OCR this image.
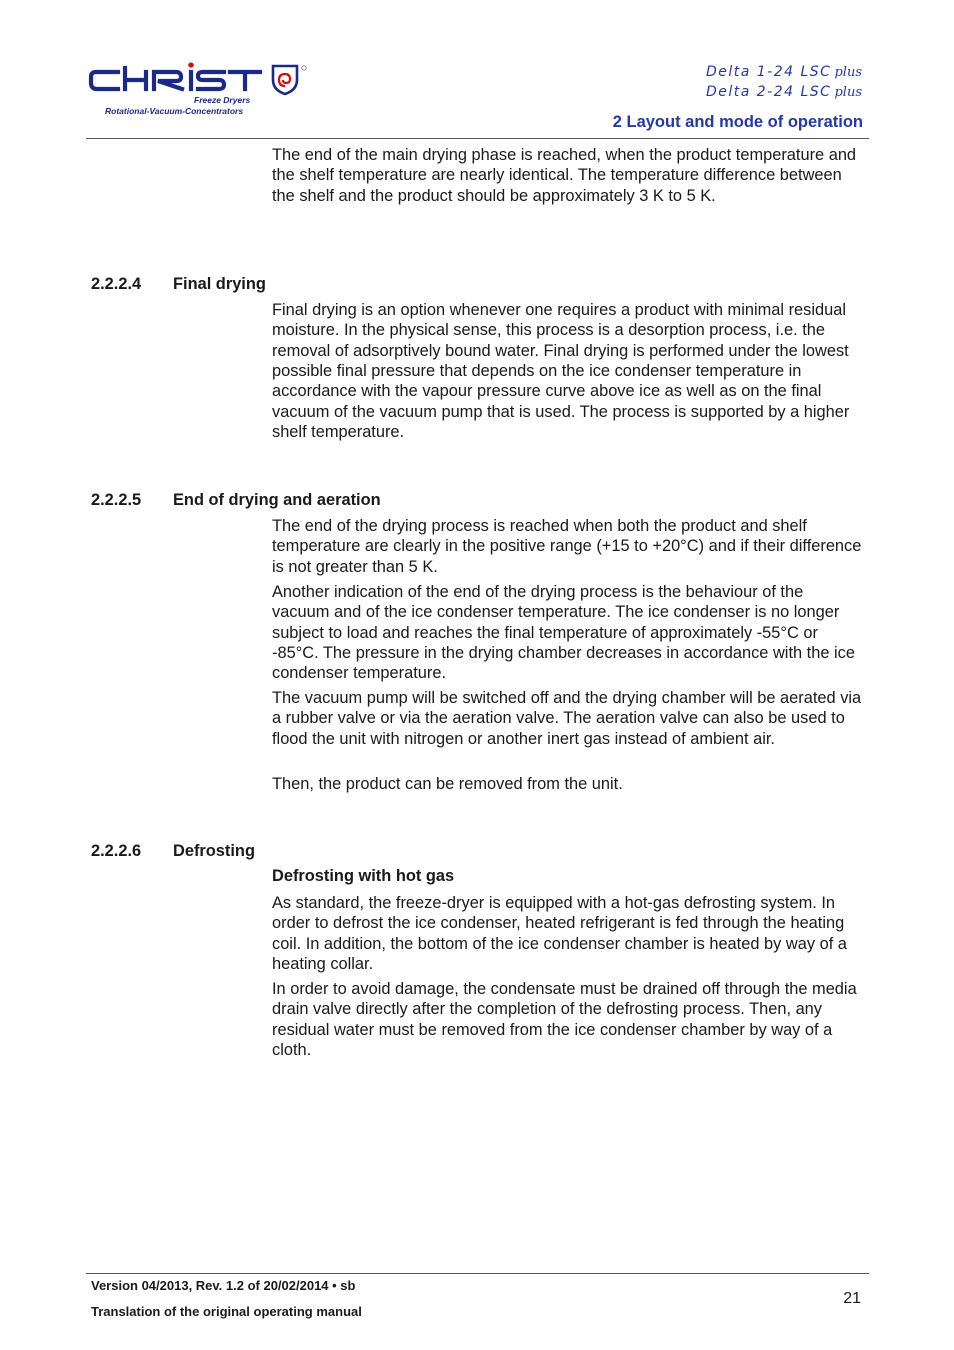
Freeze Dryers
Rotational-Vacuum-Concentrators
Delta 1-24 LSC plus
Delta 2-24 LSC plus
2 Layout and mode of operation

The end of the main drying phase is reached, when the product temperature and the shelf temperature are nearly identical. The temperature difference between the shelf and the product should be approximately 3 K to 5 K.

2.2.2.4 Final drying

Final drying is an option whenever one requires a product with minimal residual moisture. In the physical sense, this process is a desorption process, i.e. the removal of adsorptively bound water. Final drying is performed under the lowest possible final pressure that depends on the ice condenser temperature in accordance with the vapour pressure curve above ice as well as on the final vacuum of the vacuum pump that is used. The process is supported by a higher shelf temperature.

2.2.2.5 End of drying and aeration

The end of the drying process is reached when both the product and shelf temperature are clearly in the positive range (+15 to +20°C) and if their difference is not greater than 5 K.

Another indication of the end of the drying process is the behaviour of the vacuum and of the ice condenser temperature. The ice condenser is no longer subject to load and reaches the final temperature of approximately -55°C or -85°C. The pressure in the drying chamber decreases in accordance with the ice condenser temperature.

The vacuum pump will be switched off and the drying chamber will be aerated via a rubber valve or via the aeration valve. The aeration valve can also be used to flood the unit with nitrogen or another inert gas instead of ambient air.

Then, the product can be removed from the unit.

2.2.2.6 Defrosting
Defrosting with hot gas

As standard, the freeze-dryer is equipped with a hot-gas defrosting system. In order to defrost the ice condenser, heated refrigerant is fed through the heating coil. In addition, the bottom of the ice condenser chamber is heated by way of a heating collar.

In order to avoid damage, the condensate must be drained off through the media drain valve directly after the completion of the defrosting process. Then, any residual water must be removed from the ice condenser chamber by way of a cloth.

Version 04/2013, Rev. 1.2 of 20/02/2014 • sb
Translation of the original operating manual
21
